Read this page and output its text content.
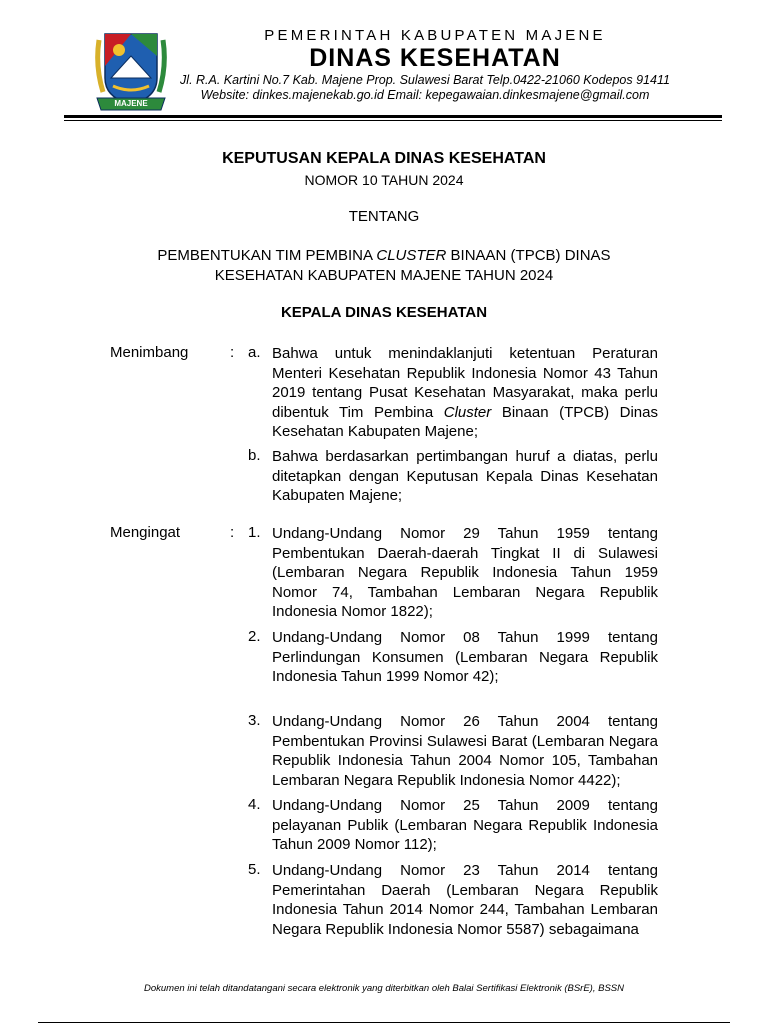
MAJENE
PEMERINTAH KABUPATEN MAJENE
DINAS KESEHATAN
Jl. R.A. Kartini No.7 Kab. Majene Prop. Sulawesi Barat Telp.0422-21060 Kodepos 91411
Website: dinkes.majenekab.go.id Email: kepegawaian.dinkesmajene@gmail.com
KEPUTUSAN KEPALA DINAS KESEHATAN
NOMOR 10 TAHUN 2024
TENTANG
PEMBENTUKAN TIM PEMBINA CLUSTER BINAAN (TPCB) DINAS
KESEHATAN KABUPATEN MAJENE TAHUN 2024
KEPALA DINAS KESEHATAN
Menimbang	: a. Bahwa untuk menindaklanjuti ketentuan Peraturan Menteri Kesehatan Republik Indonesia Nomor 43 Tahun 2019 tentang Pusat Kesehatan Masyarakat, maka perlu dibentuk Tim Pembina Cluster Binaan (TPCB) Dinas Kesehatan Kabupaten Majene;
b. Bahwa berdasarkan pertimbangan huruf a diatas, perlu ditetapkan dengan Keputusan Kepala Dinas Kesehatan Kabupaten Majene;
Mengingat	: 1. Undang-Undang Nomor 29 Tahun 1959 tentang Pembentukan Daerah-daerah Tingkat II di Sulawesi (Lembaran Negara Republik Indonesia Tahun 1959 Nomor 74, Tambahan Lembaran Negara Republik Indonesia Nomor 1822);
2. Undang-Undang Nomor 08 Tahun 1999 tentang Perlindungan Konsumen (Lembaran Negara Republik Indonesia Tahun 1999 Nomor 42);
3. Undang-Undang Nomor 26 Tahun 2004 tentang Pembentukan Provinsi Sulawesi Barat (Lembaran Negara Republik Indonesia Tahun 2004 Nomor 105, Tambahan Lembaran Negara Republik Indonesia Nomor 4422);
4. Undang-Undang Nomor 25 Tahun 2009 tentang pelayanan Publik (Lembaran Negara Republik Indonesia Tahun 2009 Nomor 112);
5. Undang-Undang Nomor 23 Tahun 2014 tentang Pemerintahan Daerah (Lembaran Negara Republik Indonesia Tahun 2014 Nomor 244, Tambahan Lembaran Negara Republik Indonesia Nomor 5587) sebagaimana
Dokumen ini telah ditandatangani secara elektronik yang diterbitkan oleh Balai Sertifikasi Elektronik (BSrE), BSSN
